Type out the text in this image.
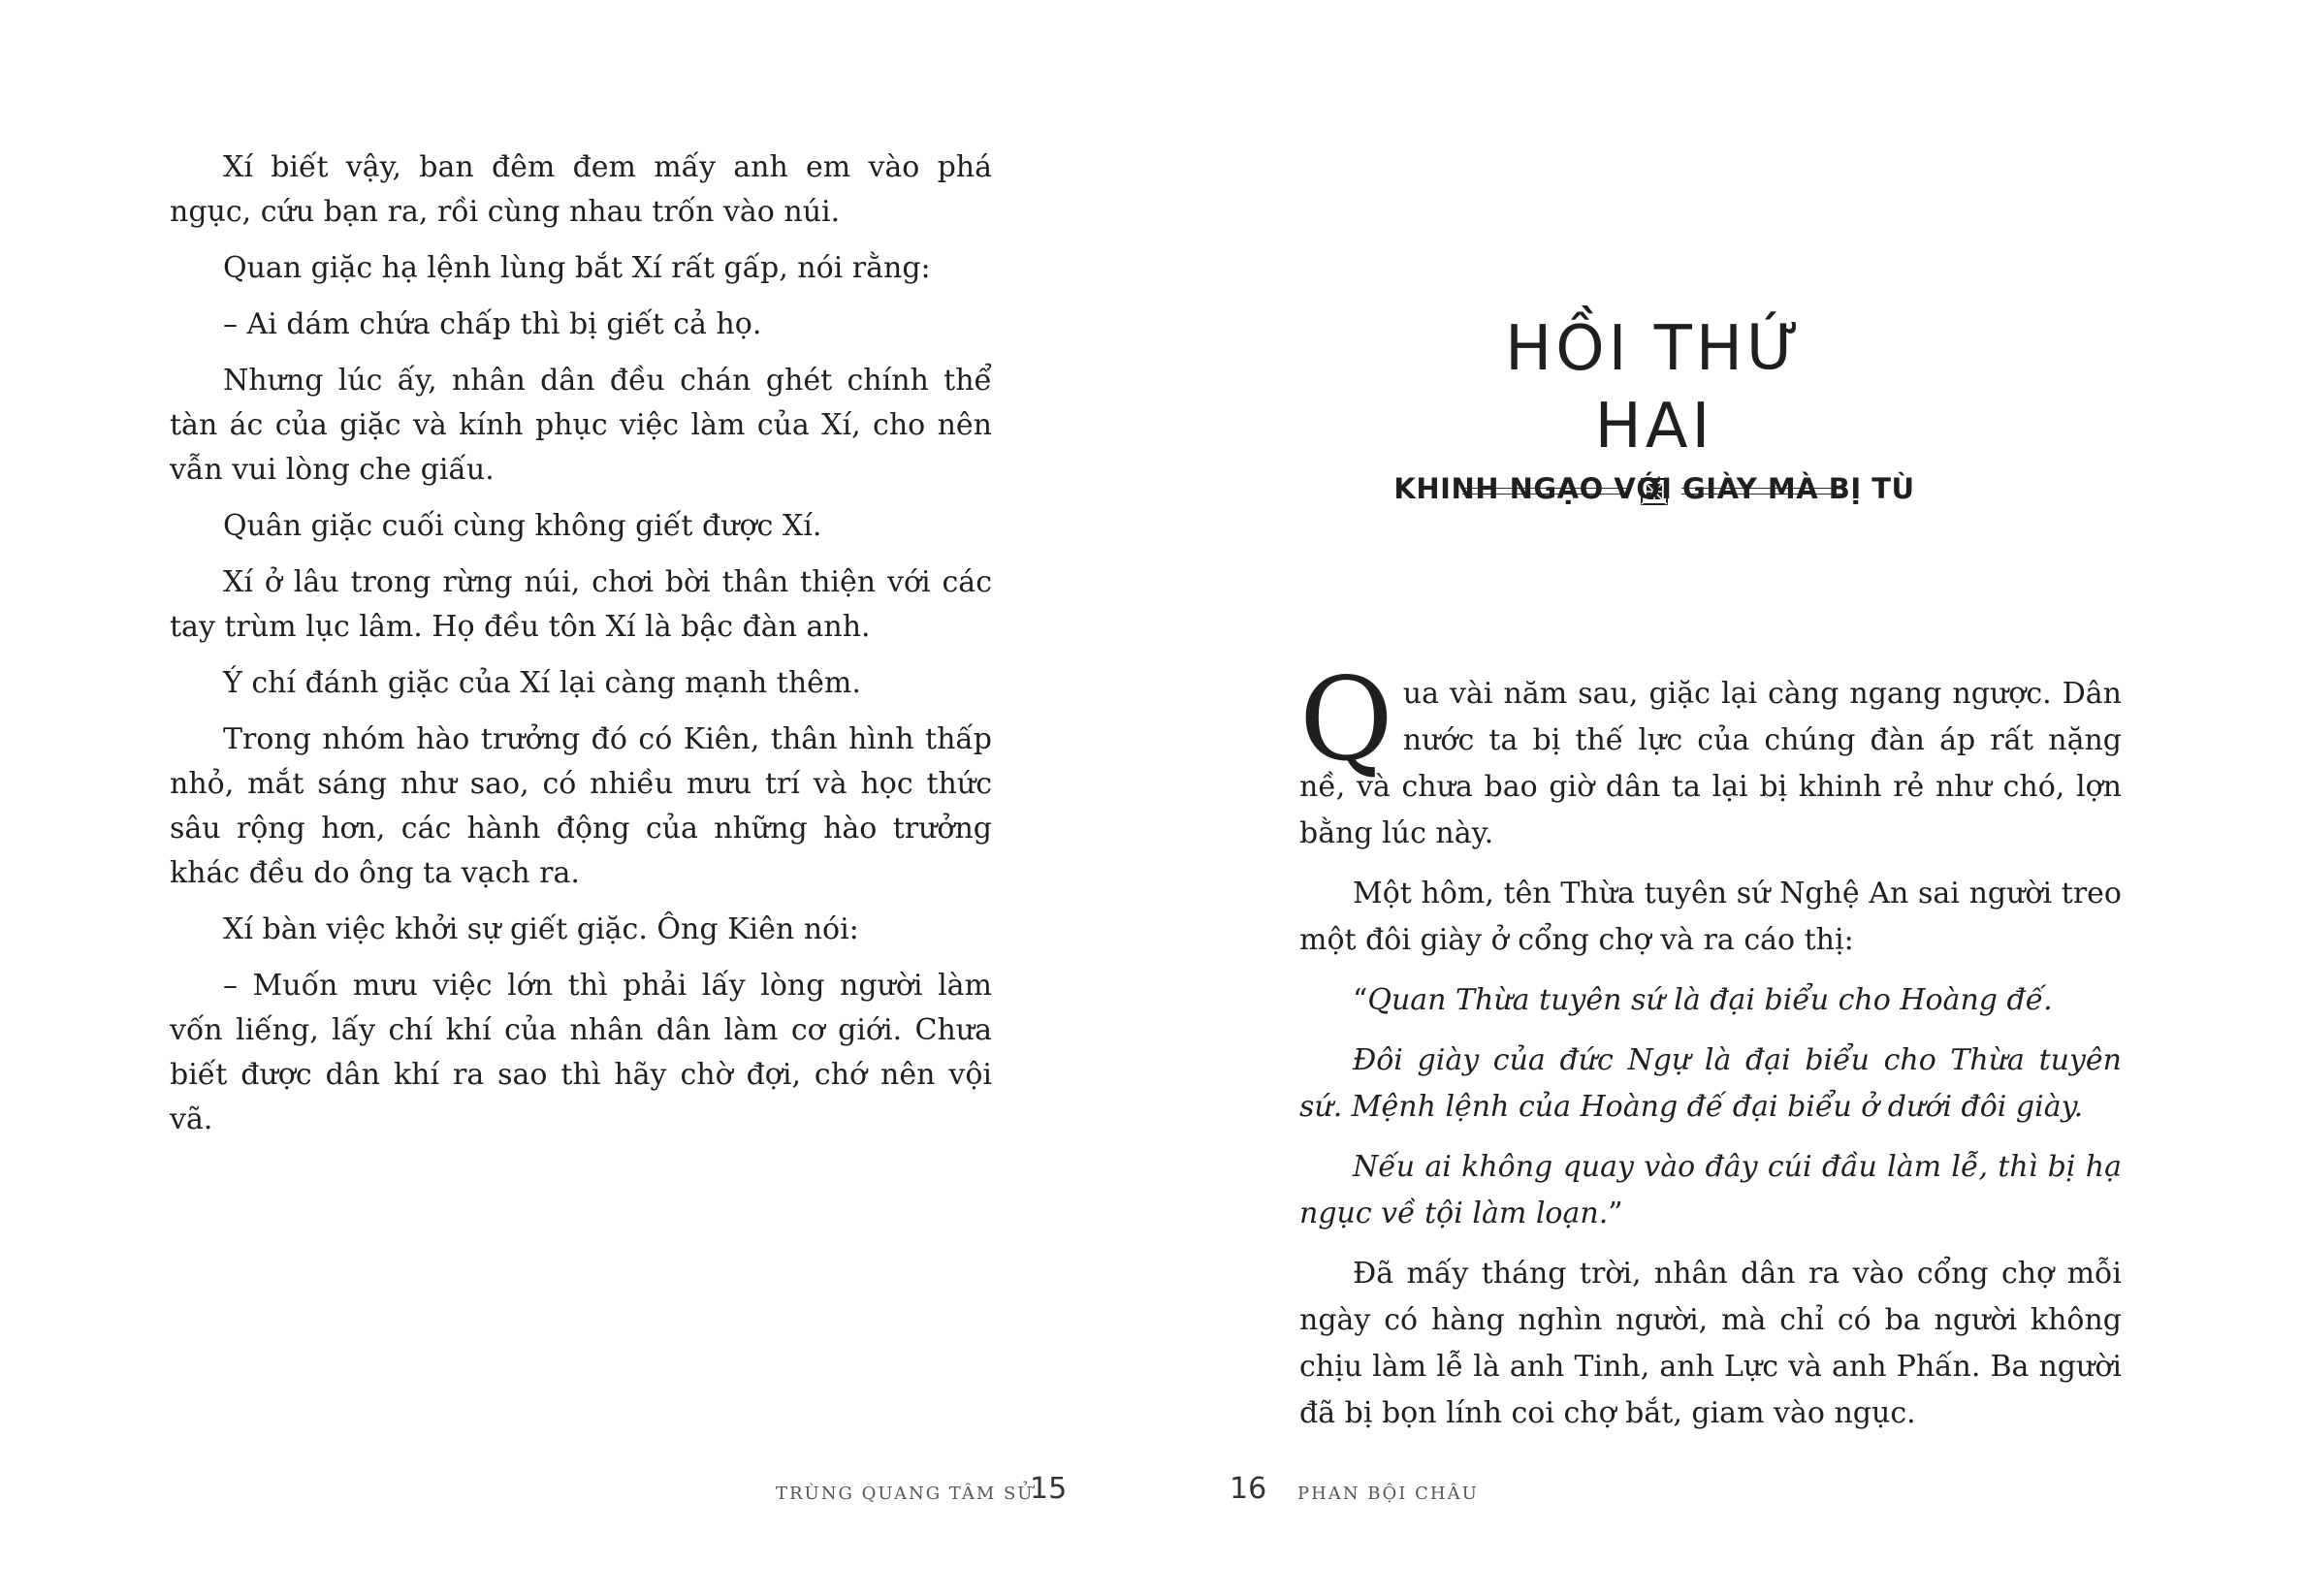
Xí biết vậy, ban đêm đem mấy anh em vào phá ngục, cứu bạn ra, rồi cùng nhau trốn vào núi.

Quan giặc hạ lệnh lùng bắt Xí rất gấp, nói rằng:

– Ai dám chứa chấp thì bị giết cả họ.

Nhưng lúc ấy, nhân dân đều chán ghét chính thể tàn ác của giặc và kính phục việc làm của Xí, cho nên vẫn vui lòng che giấu.

Quân giặc cuối cùng không giết được Xí.

Xí ở lâu trong rừng núi, chơi bời thân thiện với các tay trùm lục lâm. Họ đều tôn Xí là bậc đàn anh.

Ý chí đánh giặc của Xí lại càng mạnh thêm.

Trong nhóm hào trưởng đó có Kiên, thân hình thấp nhỏ, mắt sáng như sao, có nhiều mưu trí và học thức sâu rộng hơn, các hành động của những hào trưởng khác đều do ông ta vạch ra.

Xí bàn việc khởi sự giết giặc. Ông Kiên nói:

– Muốn mưu việc lớn thì phải lấy lòng người làm vốn liếng, lấy chí khí của nhân dân làm cơ giới. Chưa biết được dân khí ra sao thì hãy chờ đợi, chớ nên vội vã.

TRÙNG QUANG TÂM SỬ
15
HỒI THỨ HAI
KHINH NGẠO VỚI GIÀY MÀ BỊ TÙ

Qua vài năm sau, giặc lại càng ngang ngược. Dân nước ta bị thế lực của chúng đàn áp rất nặng nề, và chưa bao giờ dân ta lại bị khinh rẻ như chó, lợn bằng lúc này.

Một hôm, tên Thừa tuyên sứ Nghệ An sai người treo một đôi giày ở cổng chợ và ra cáo thị:

“Quan Thừa tuyên sứ là đại biểu cho Hoàng đế.

Đôi giày của đức Ngự là đại biểu cho Thừa tuyên sứ. Mệnh lệnh của Hoàng đế đại biểu ở dưới đôi giày.

Nếu ai không quay vào đây cúi đầu làm lễ, thì bị hạ ngục về tội làm loạn.”

Đã mấy tháng trời, nhân dân ra vào cổng chợ mỗi ngày có hàng nghìn người, mà chỉ có ba người không chịu làm lễ là anh Tinh, anh Lực và anh Phấn. Ba người đã bị bọn lính coi chợ bắt, giam vào ngục.

16 PHAN BỘI CHÂU
